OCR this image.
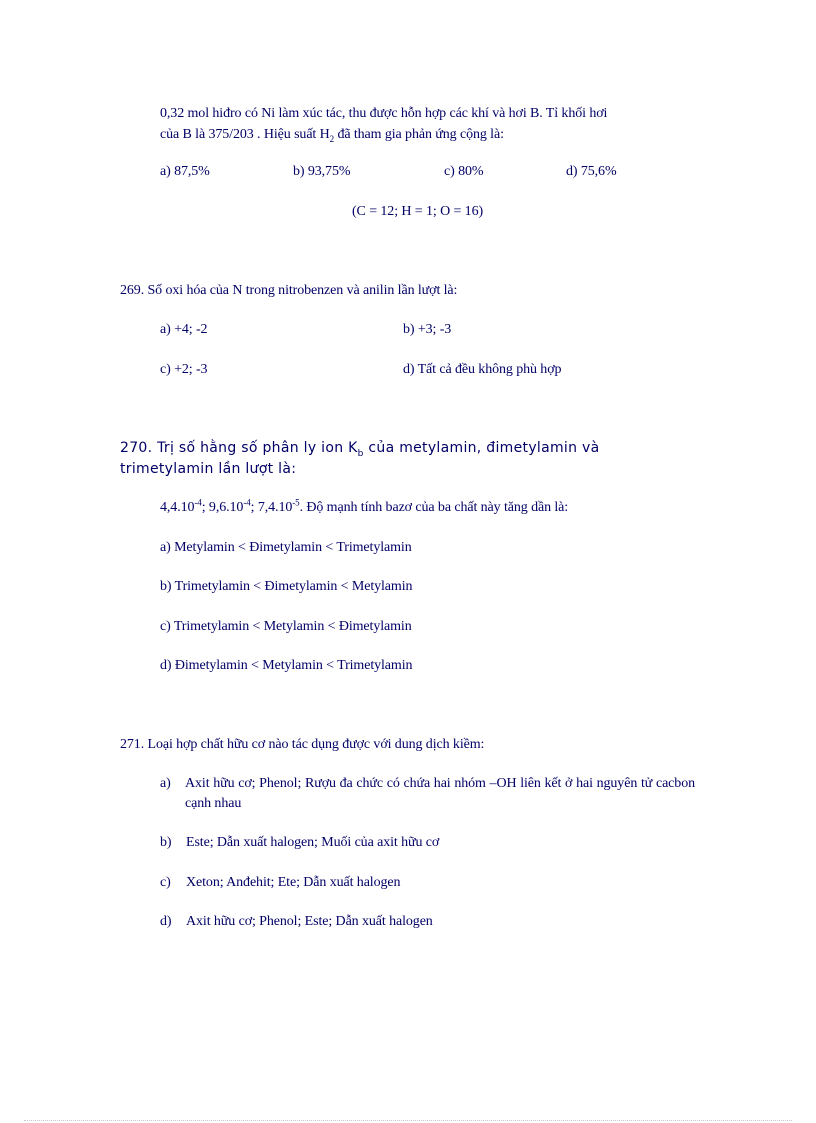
0,32 mol hiđro có Ni làm xúc tác, thu được hỗn hợp các khí và hơi B. Tỉ khối hơi
của B là 375/203 . Hiệu suất $H_2$ đã tham gia phản ứng cộng là:
a) 87,5%	b) 93,75%	c) 80%	d) 75,6%
(C = 12; H = 1; O = 16)
269. Số oxi hóa của N trong nitrobenzen và anilin lần lượt là:
a) +4; -2	b) +3; -3
c) +2; -3	d) Tất cả đều không phù hợp
270. Trị số hằng số phân ly ion $K_b$ của metylamin, đimetylamin và
trimetylamin lần lượt là:
$4,4.10^{-4}$; $9,6.10^{-4}$; $7,4.10^{-5}$. Độ mạnh tính bazơ của ba chất này tăng dần là:
a) Metylamin < Đimetylamin < Trimetylamin
b) Trimetylamin < Đimetylamin < Metylamin
c) Trimetylamin < Metylamin < Đimetylamin
d) Đimetylamin < Metylamin < Trimetylamin
271. Loại hợp chất hữu cơ nào tác dụng được với dung dịch kiềm:
a) Axit hữu cơ; Phenol; Rượu đa chức có chứa hai nhóm –OH liên kết ở hai nguyên tử cacbon cạnh nhau
b) Este; Dẫn xuất halogen; Muối của axit hữu cơ
c) Xeton; Anđehit; Ete; Dẫn xuất halogen
d) Axit hữu cơ; Phenol; Este; Dẫn xuất halogen
